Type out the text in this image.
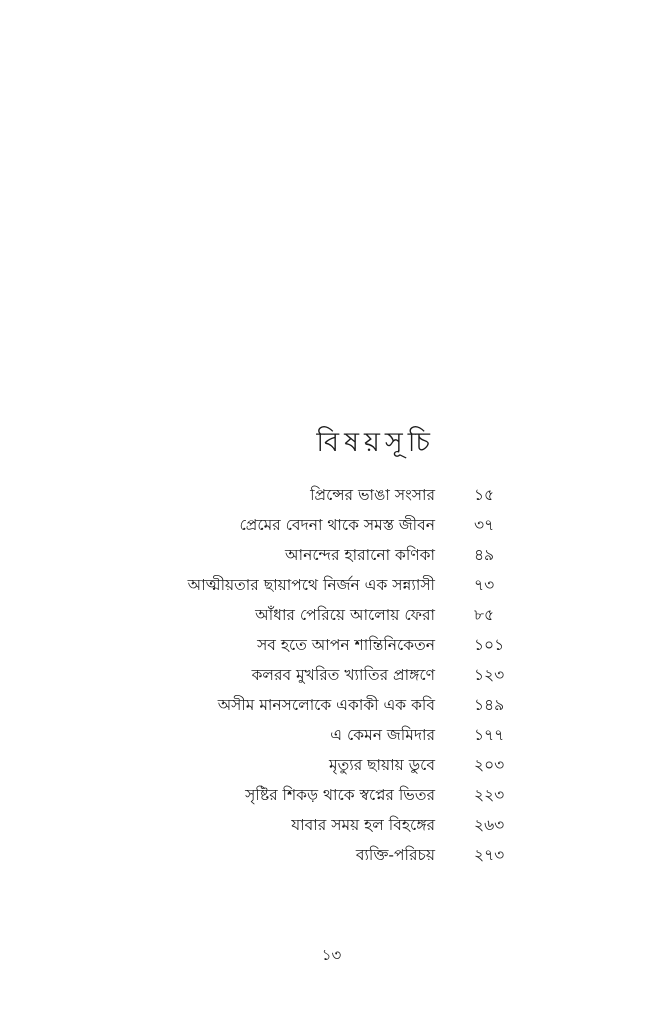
বিষয়সূচি
প্রিন্সের ভাঙা সংসার	১৫
প্রেমের বেদনা থাকে সমস্ত জীবন	৩৭
আনন্দের হারানো কণিকা	৪৯
আত্মীয়তার ছায়াপথে নির্জন এক সন্ন্যাসী	৭৩
আঁধার পেরিয়ে আলোয় ফেরা	৮৫
সব হতে আপন শান্তিনিকেতন	১০১
কলরব মুখরিত খ্যাতির প্রাঙ্গণে	১২৩
অসীম মানসলোকে একাকী এক কবি	১৪৯
এ কেমন জমিদার	১৭৭
মৃত্যুর ছায়ায় ডুবে	২০৩
সৃষ্টির শিকড় থাকে স্বপ্নের ভিতর	২২৩
যাবার সময় হল বিহঙ্গের	২৬৩
ব্যক্তি-পরিচয়	২৭৩
১৩
